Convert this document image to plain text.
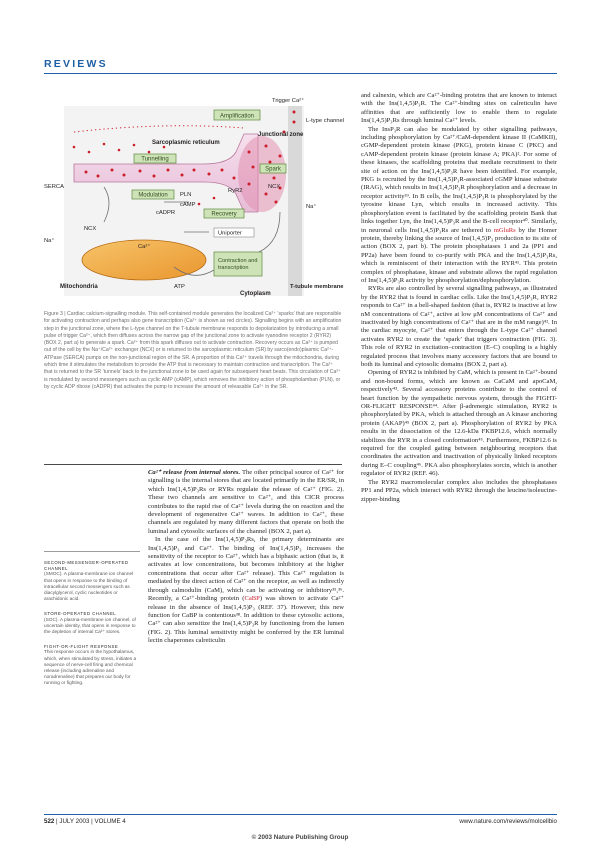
REVIEWS
Amplification
Tunnelling
Spark
Modulation
Recovery
Contraction and transcription
Trigger Ca²⁺
L-type channel
Junctional zone
Sarcoplasmic reticulum
SERCA
PLN
RyR2
NCX
cAMP
cADPR
Na⁺
Na⁺
NCX
Uniporter
Ca²⁺
Mitochondria	ATP
Cytoplasm
T-tubule membrane

Figure 3 | Cardiac calcium-signalling module. This self-contained module generates the localized Ca²⁺ ‘sparks’ that are responsible for activating contraction and perhaps also gene transcription (Ca²⁺ is shown as red circles). Signalling begins with an amplification step in the junctional zone, where the L-type channel on the T-tubule membrane responds to depolarization by introducing a small pulse of trigger Ca²⁺, which then diffuses across the narrow gap of the junctional zone to activate ryanodine receptor 2 (RYR2) (BOX 2, part a) to generate a spark. Ca²⁺ from this spark diffuses out to activate contraction. Recovery occurs as Ca²⁺ is pumped out of the cell by the Na⁺/Ca²⁺ exchanger (NCX) or is returned to the sarcoplasmic reticulum (SR) by sarco(endo)plasmic Ca²⁺-ATPase (SERCA) pumps on the non-junctional region of the SR. A proportion of this Ca²⁺ travels through the mitochondria, during which time it stimulates the metabolism to provide the ATP that is necessary to maintain contraction and transcription. The Ca²⁺ that is returned to the SR ‘tunnels’ back to the junctional zone to be used again for subsequent heart beats. This circulation of Ca²⁺ is modulated by second messengers such as cyclic AMP (cAMP), which removes the inhibitory action of phospholamban (PLN), or by cyclic ADP ribose (cADPR) that activates the pump to increase the amount of releasable Ca²⁺ in the SR.

SECOND-MESSENGER-OPERATED CHANNEL
(SMOC). A plasma-membrane ion channel that opens in response to the binding of intracellular second messengers such as diacylglycerol, cyclic nucleotides or arachidonic acid.
STORE-OPERATED CHANNEL
(SOC). A plasma-membrane ion channel, of uncertain identity, that opens in response to the depletion of internal Ca²⁺ stores.
FIGHT-OR-FLIGHT RESPONSE
This response occurs in the hypothalamus, which, when stimulated by stress, initiates a sequence of nerve-cell firing and chemical release (including adrenaline and noradrenaline) that prepares our body for running or fighting.

Ca²⁺ release from internal stores. The other principal source of Ca²⁺ for signalling is the internal stores that are located primarily in the ER/SR, in which Ins(1,4,5)P₃Rs or RYRs regulate the release of Ca²⁺ (FIG. 2). These two channels are sensitive to Ca²⁺, and this CICR process contributes to the rapid rise of Ca²⁺ levels during the on reaction and the development of regenerative Ca²⁺ waves. In addition to Ca²⁺, these channels are regulated by many different factors that operate on both the luminal and cytosolic surfaces of the channel (BOX 2, part a).

In the case of the Ins(1,4,5)P₃Rs, the primary determinants are Ins(1,4,5)P₃ and Ca²⁺. The binding of Ins(1,4,5)P₃ increases the sensitivity of the receptor to Ca²⁺, which has a biphasic action (that is, it activates at low concentrations, but becomes inhibitory at the higher concentrations that occur after Ca²⁺ release). This Ca²⁺ regulation is mediated by the direct action of Ca²⁺ on the receptor, as well as indirectly through calmodulin (CaM), which can be activating or inhibitory³⁵,³⁶. Recently, a Ca²⁺-binding protein (CaBP) was shown to activate Ca²⁺ release in the absence of Ins(1,4,5)P₃ (REF. 37). However, this new function for CaBP is contentious³⁸. In addition to these cytosolic actions, Ca²⁺ can also sensitize the Ins(1,4,5)P₃R by functioning from the lumen (FIG. 2). This luminal sensitivity might be conferred by the ER luminal lectin chaperones calreticulin

and calnexin, which are Ca²⁺-binding proteins that are known to interact with the Ins(1,4,5)P₃R. The Ca²⁺-binding sites on calreticulin have affinities that are sufficiently low to enable them to regulate Ins(1,4,5)P₃Rs through luminal Ca²⁺ levels.

The InsP₃R can also be modulated by other signalling pathways, including phosphorylation by Ca²⁺/CaM-dependent kinase II (CaMKII), cGMP-dependent protein kinase (PKG), protein kinase C (PKC) and cAMP-dependent protein kinase (protein kinase A; PKA)². For some of these kinases, the scaffolding proteins that mediate recruitment to their site of action on the Ins(1,4,5)P₃R have been identified. For example, PKG is recruited by the Ins(1,4,5)P₃R-associated cGMP kinase substrate (IRAG), which results in Ins(1,4,5)P₃R phosphorylation and a decrease in receptor activity³⁹. In B cells, the Ins(1,4,5)P₃R is phosphorylated by the tyrosine kinase Lyn, which results in increased activity. This phosphorylation event is facilitated by the scaffolding protein Bank that links together Lyn, the Ins(1,4,5)P₃R and the B-cell receptor⁴⁰. Similarly, in neuronal cells Ins(1,4,5)P₃Rs are tethered to mGluRs by the Homer protein, thereby linking the source of Ins(1,4,5)P₃ production to its site of action (BOX 2, part b). The protein phosphatases 1 and 2a (PP1 and PP2a) have been found to co-purify with PKA and the Ins(1,4,5)P₃Rs, which is reminiscent of their interaction with the RYR⁴¹. This protein complex of phosphatase, kinase and substrate allows the rapid regulation of Ins(1,4,5)P₃R activity by phosphorylation/dephosphorylation.

RYRs are also controlled by several signalling pathways, as illustrated by the RYR2 that is found in cardiac cells. Like the Ins(1,4,5)P₃R, RYR2 responds to Ca²⁺ in a bell-shaped fashion (that is, RYR2 is inactive at low nM concentrations of Ca²⁺, active at low μM concentrations of Ca²⁺ and inactivated by high concentrations of Ca²⁺ that are in the mM range)⁴². In the cardiac myocyte, Ca²⁺ that enters through the L-type Ca²⁺ channel activates RYR2 to create the ‘spark’ that triggers contraction (FIG. 3). This role of RYR2 in excitation–contraction (E–C) coupling is a highly regulated process that involves many accessory factors that are bound to both its luminal and cytosolic domains (BOX 2, part a).

Opening of RYR2 is inhibited by CaM, which is present in Ca²⁺-bound and non-bound forms, which are known as CaCaM and apoCaM, respectively⁴³. Several accessory proteins contribute to the control of heart function by the sympathetic nervous system, through the FIGHT-OR-FLIGHT RESPONSE⁴⁴. After β-adrenergic stimulation, RYR2 is phosphorylated by PKA, which is attached through an A kinase anchoring protein (AKAP)⁴⁵ (BOX 2, part a). Phosphorylation of RYR2 by PKA results in the dissociation of the 12.6-kDa FKBP12.6, which normally stabilizes the RYR in a closed conformation⁴⁵. Furthermore, FKBP12.6 is required for the coupled gating between neighbouring receptors that coordinates the activation and inactivation of physically linked receptors during E–C coupling⁴⁶. PKA also phosphorylates sorcin, which is another regulator of RYR2 (REF. 46).

The RYR2 macromolecular complex also includes the phosphatases PP1 and PP2a, which interact with RYR2 through the leucine/isoleucine-zipper-binding

522 | JULY 2003 | VOLUME 4	www.nature.com/reviews/molcellbio
© 2003 Nature Publishing Group
